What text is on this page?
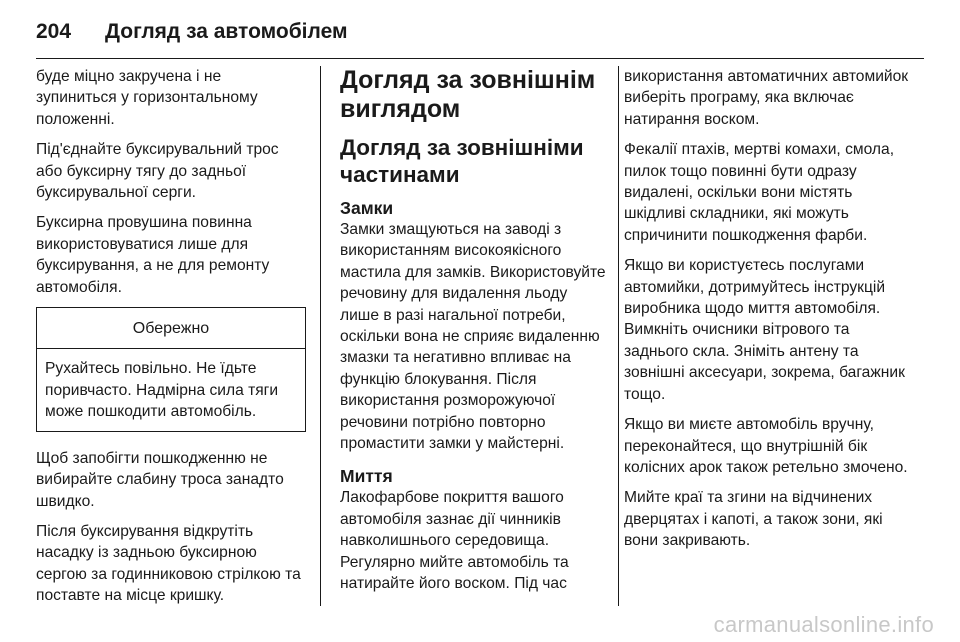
204 Догляд за автомобілем

буде міцно закручена і не зупиниться у горизонтальному положенні.

Під'єднайте буксирувальний трос або буксирну тягу до задньої буксирувальної серги.

Буксирна провушина повинна використовуватися лише для буксирування, а не для ремонту автомобіля.

Обережно
Рухайтесь повільно. Не їдьте поривчасто. Надмірна сила тяги може пошкодити автомобіль.

Щоб запобігти пошкодженню не вибирайте слабину троса занадто швидко.

Після буксирування відкрутіть насадку із задньою буксирною сергою за годинниковою стрілкою та поставте на місце кришку.

Догляд за зовнішнім виглядом
Догляд за зовнішніми частинами
Замки
Замки змащуються на заводі з використанням високоякісного мастила для замків. Використовуйте речовину для видалення льоду лише в разі нагальної потреби, оскільки вона не сприяє видаленню змазки та негативно впливає на функцію блокування. Після використання розморожуючої речовини потрібно повторно промастити замки у майстерні.
Миття
Лакофарбове покриття вашого автомобіля зазнає дії чинників навколишнього середовища. Регулярно мийте автомобіль та натирайте його воском. Під час

використання автоматичних автомийок виберіть програму, яка включає натирання воском.

Фекалії птахів, мертві комахи, смола, пилок тощо повинні бути одразу видалені, оскільки вони містять шкідливі складники, які можуть спричинити пошкодження фарби.

Якщо ви користуєтесь послугами автомийки, дотримуйтесь інструкцій виробника щодо миття автомобіля. Вимкніть очисники вітрового та заднього скла. Зніміть антену та зовнішні аксесуари, зокрема, багажник тощо.

Якщо ви миєте автомобіль вручну, переконайтеся, що внутрішній бік колісних арок також ретельно змочено.

Мийте краї та згини на відчинених дверцятах і капоті, а також зони, які вони закривають.

carmanualsonline.info
